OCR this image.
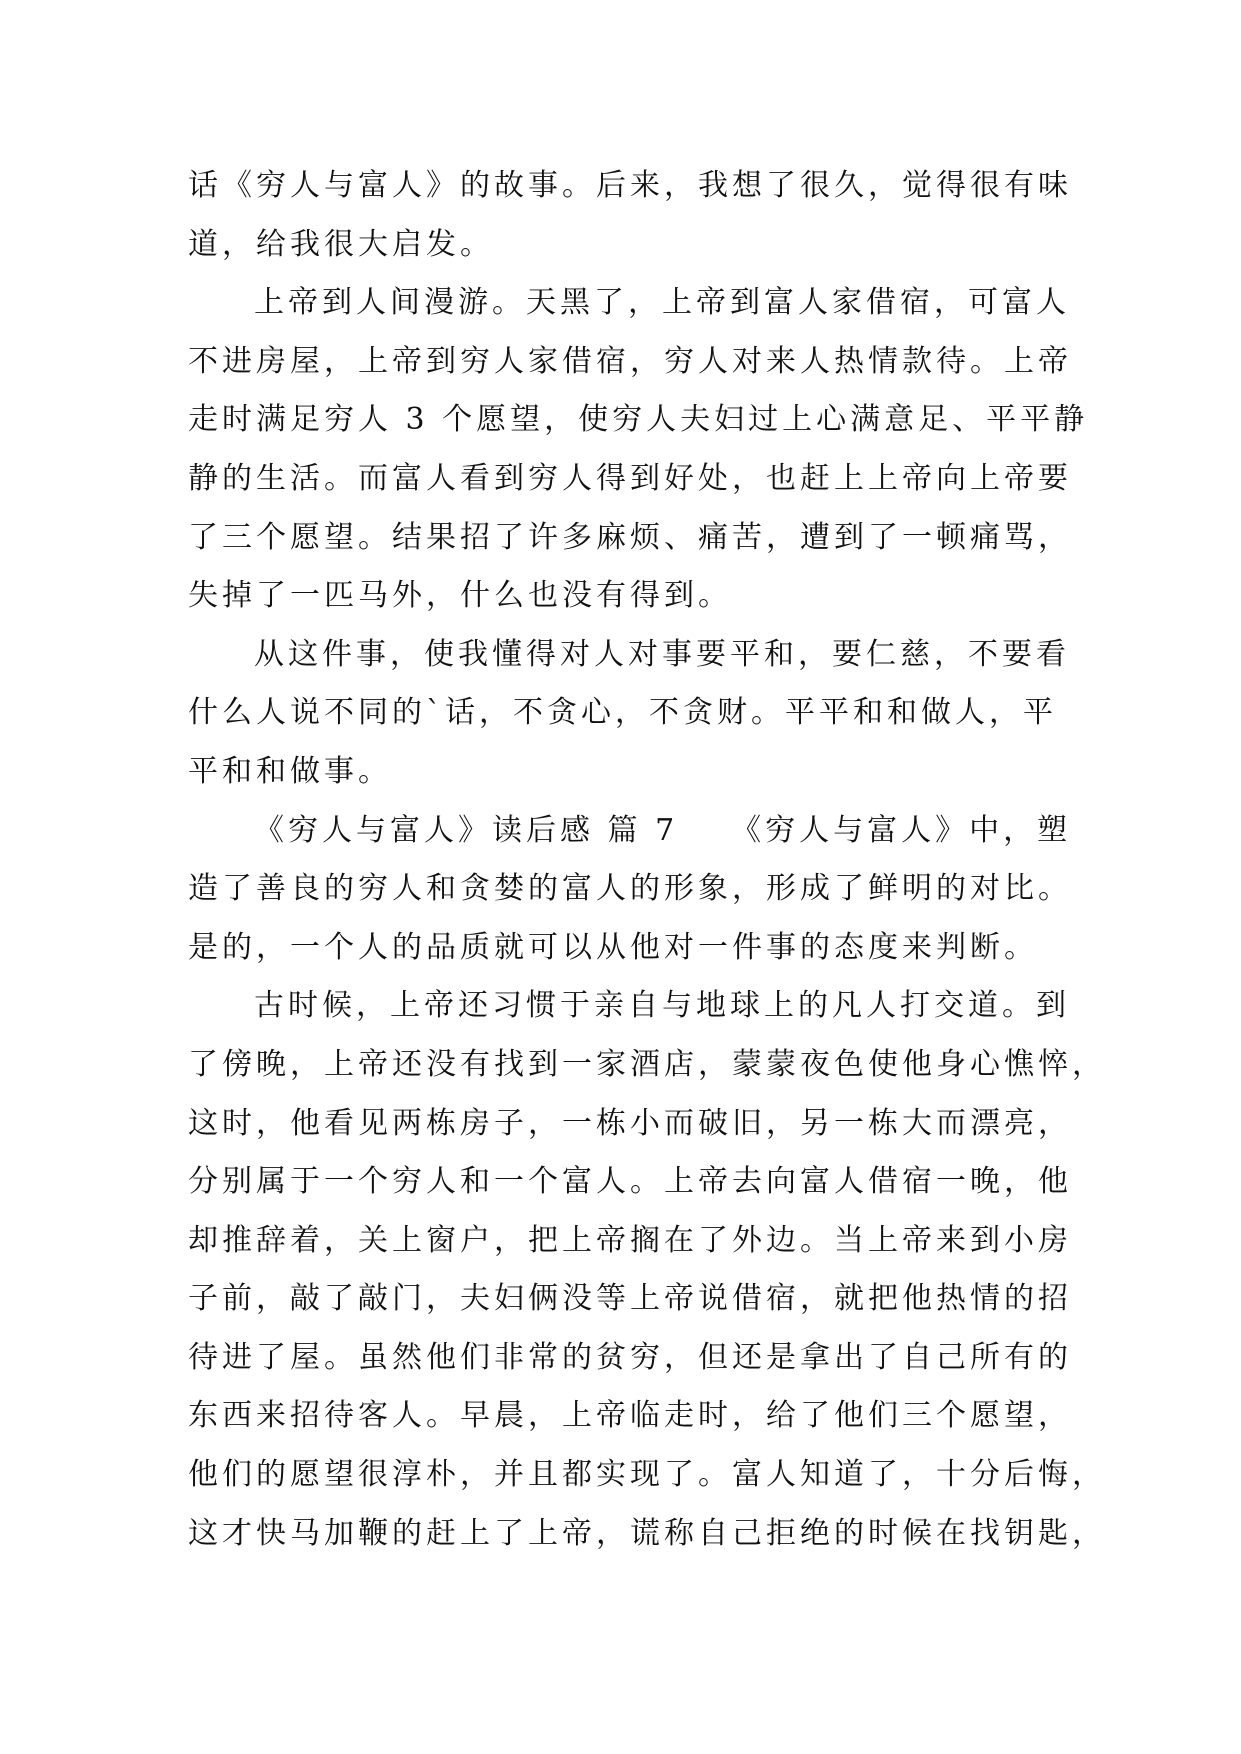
话《穷人与富人》的故事。后来，我想了很久，觉得很有味
道，给我很大启发。
上帝到人间漫游。天黑了，上帝到富人家借宿，可富人
不进房屋，上帝到穷人家借宿，穷人对来人热情款待。上帝
走时满足穷人 3 个愿望，使穷人夫妇过上心满意足、平平静
静的生活。而富人看到穷人得到好处，也赶上上帝向上帝要
了三个愿望。结果招了许多麻烦、痛苦，遭到了一顿痛骂，
失掉了一匹马外，什么也没有得到。
从这件事，使我懂得对人对事要平和，要仁慈，不要看
什么人说不同的`话，不贪心，不贪财。平平和和做人，平
平和和做事。
《穷人与富人》读后感 篇 7　　《穷人与富人》中，塑
造了善良的穷人和贪婪的富人的形象，形成了鲜明的对比。
是的，一个人的品质就可以从他对一件事的态度来判断。
古时候，上帝还习惯于亲自与地球上的凡人打交道。到
了傍晚，上帝还没有找到一家酒店，蒙蒙夜色使他身心憔悴，
这时，他看见两栋房子，一栋小而破旧，另一栋大而漂亮，
分别属于一个穷人和一个富人。上帝去向富人借宿一晚，他
却推辞着，关上窗户，把上帝搁在了外边。当上帝来到小房
子前，敲了敲门，夫妇俩没等上帝说借宿，就把他热情的招
待进了屋。虽然他们非常的贫穷，但还是拿出了自己所有的
东西来招待客人。早晨，上帝临走时，给了他们三个愿望，
他们的愿望很淳朴，并且都实现了。富人知道了，十分后悔，
这才快马加鞭的赶上了上帝，谎称自己拒绝的时候在找钥匙，
